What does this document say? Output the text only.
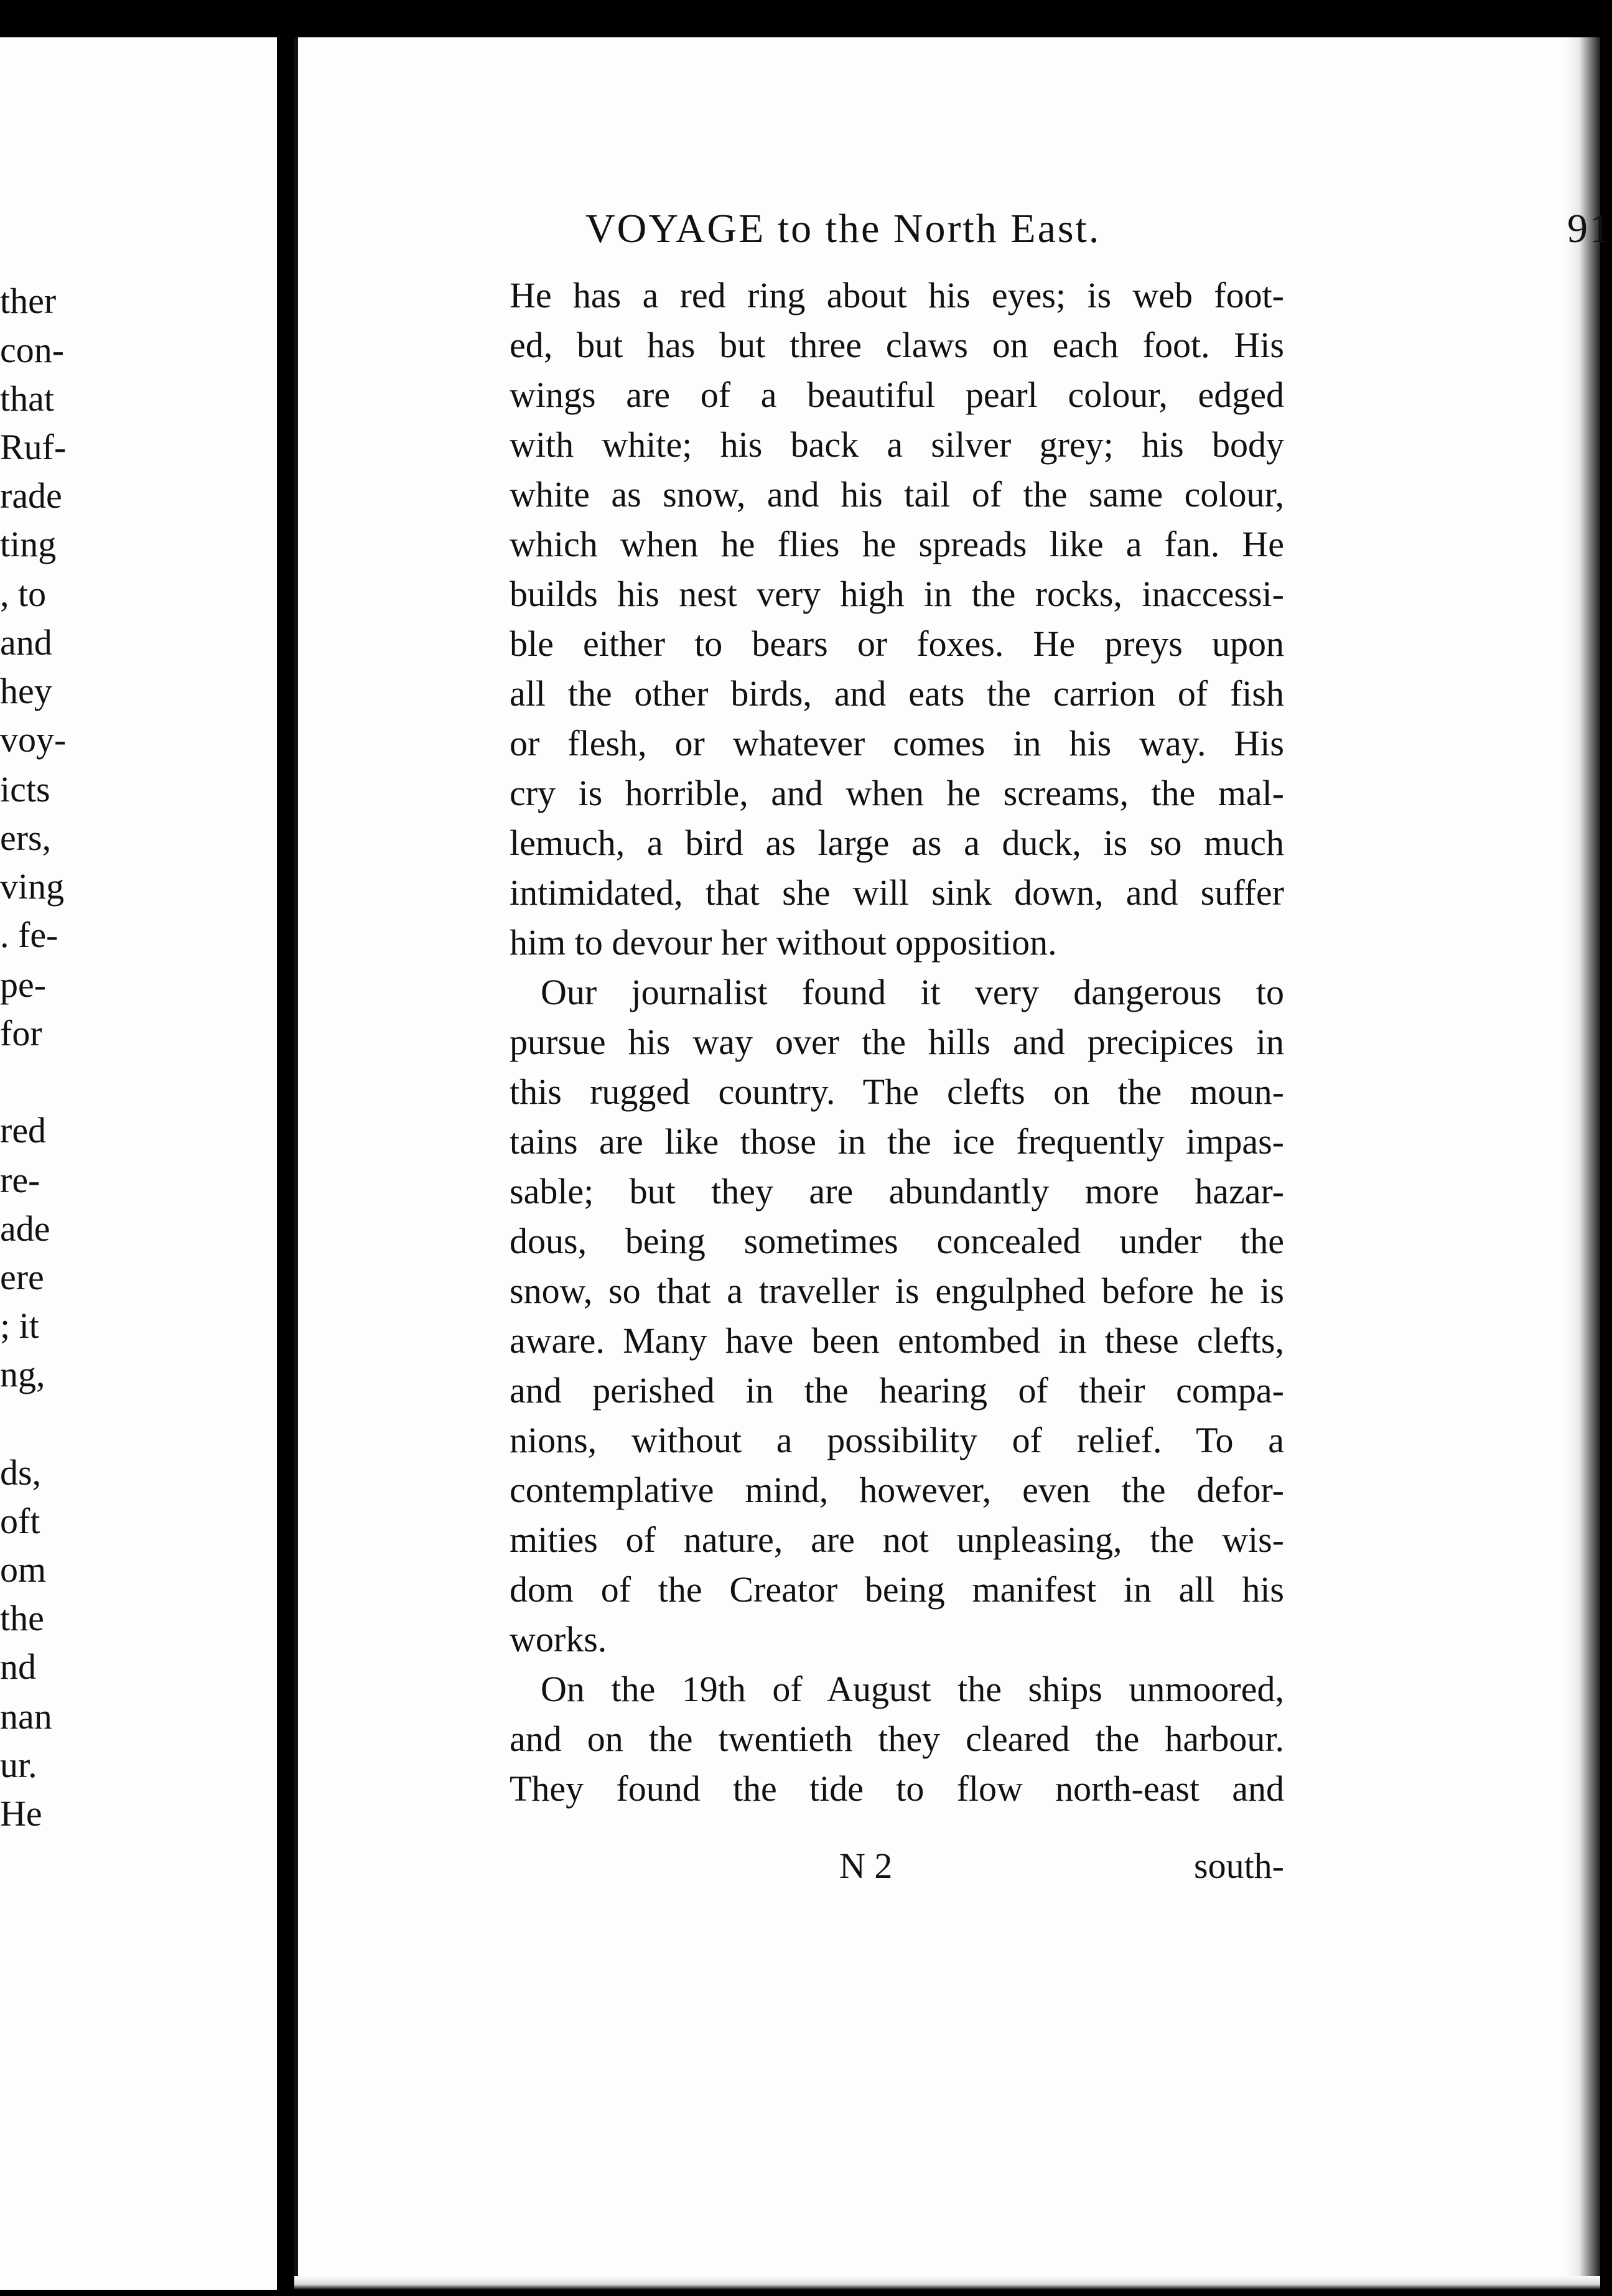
ther
con-
that
Ruf-
rade
ting
, to
and
hey
voy-
icts
ers,
ving
. fe-
pe-
for
red
re-
ade
ere
; it
ng,
ds,
oft
om
the
nd
nan
ur.
He
VOYAGE to the North East.	91
He has a red ring about his eyes; is web foot-
ed, but has but three claws on each foot. His
wings are of a beautiful pearl colour, edged
with white; his back a silver grey; his body
white as snow, and his tail of the same colour,
which when he flies he spreads like a fan. He
builds his nest very high in the rocks, inaccessi-
ble either to bears or foxes. He preys upon
all the other birds, and eats the carrion of fish
or flesh, or whatever comes in his way. His
cry is horrible, and when he screams, the mal-
lemuch, a bird as large as a duck, is so much
intimidated, that she will sink down, and suffer
him to devour her without opposition.
Our journalist found it very dangerous to
pursue his way over the hills and precipices in
this rugged country. The clefts on the moun-
tains are like those in the ice frequently impas-
sable; but they are abundantly more hazar-
dous, being sometimes concealed under the
snow, so that a traveller is engulphed before he is
aware. Many have been entombed in these clefts,
and perished in the hearing of their compa-
nions, without a possibility of relief. To a
contemplative mind, however, even the defor-
mities of nature, are not unpleasing, the wis-
dom of the Creator being manifest in all his
works.
On the 19th of August the ships unmoored,
and on the twentieth they cleared the harbour.
They found the tide to flow north-east and
N 2	south-
